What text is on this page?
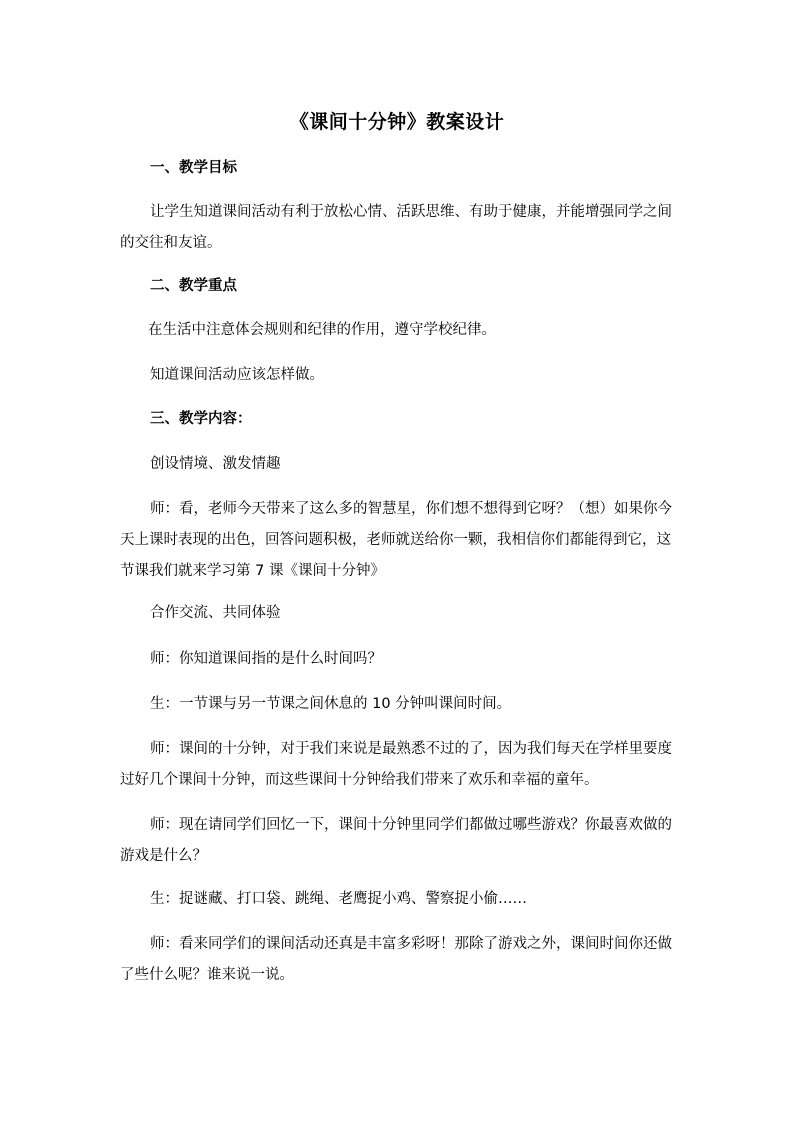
《课间十分钟》教案设计
一、教学目标
让学生知道课间活动有利于放松心情、活跃思维、有助于健康，并能增强同学之间的交往和友谊。
二、教学重点
在生活中注意体会规则和纪律的作用，遵守学校纪律。
知道课间活动应该怎样做。
三、教学内容：
创设情境、激发情趣
师：看，老师今天带来了这么多的智慧星，你们想不想得到它呀？（想）如果你今天上课时表现的出色，回答问题积极，老师就送给你一颗，我相信你们都能得到它，这节课我们就来学习第 7 课《课间十分钟》
合作交流、共同体验
师：你知道课间指的是什么时间吗？
生：一节课与另一节课之间休息的 10 分钟叫课间时间。
师：课间的十分钟，对于我们来说是最熟悉不过的了，因为我们每天在学样里要度过好几个课间十分钟，而这些课间十分钟给我们带来了欢乐和幸福的童年。
师：现在请同学们回忆一下，课间十分钟里同学们都做过哪些游戏？你最喜欢做的游戏是什么？
生：捉谜藏、打口袋、跳绳、老鹰捉小鸡、警察捉小偷……
师：看来同学们的课间活动还真是丰富多彩呀！那除了游戏之外，课间时间你还做了些什么呢？谁来说一说。
